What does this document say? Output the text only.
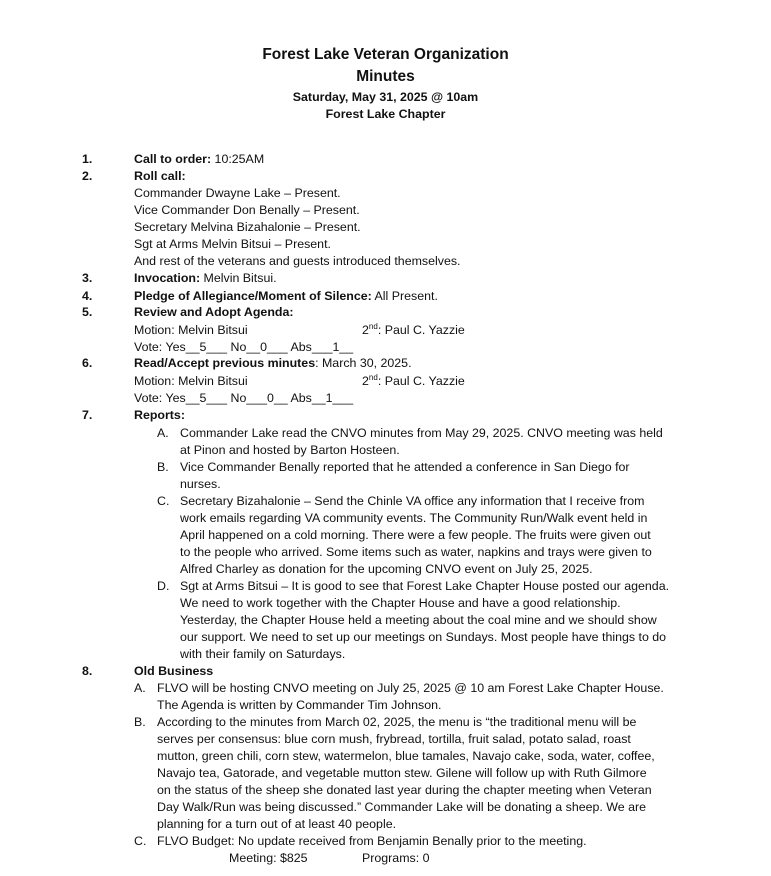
Forest Lake Veteran Organization
Minutes
Saturday, May 31, 2025 @ 10am
Forest Lake Chapter
1.	Call to order: 10:25AM
2.	Roll call:
Commander Dwayne Lake – Present.
Vice Commander Don Benally – Present.
Secretary Melvina Bizahalonie – Present.
Sgt at Arms Melvin Bitsui – Present.
And rest of the veterans and guests introduced themselves.
3.	Invocation: Melvin Bitsui.
4.	Pledge of Allegiance/Moment of Silence: All Present.
5.	Review and Adopt Agenda:
Motion: Melvin Bitsui	2nd: Paul C. Yazzie
Vote: Yes__5___ No__0___ Abs___1__
6.	Read/Accept previous minutes: March 30, 2025.
Motion: Melvin Bitsui	2nd: Paul C. Yazzie
Vote: Yes__5___ No___0__ Abs__1___
7.	Reports:
A. Commander Lake read the CNVO minutes from May 29, 2025. CNVO meeting was held
at Pinon and hosted by Barton Hosteen.
B. Vice Commander Benally reported that he attended a conference in San Diego for
nurses.
C. Secretary Bizahalonie – Send the Chinle VA office any information that I receive from
work emails regarding VA community events. The Community Run/Walk event held in
April happened on a cold morning. There were a few people. The fruits were given out
to the people who arrived. Some items such as water, napkins and trays were given to
Alfred Charley as donation for the upcoming CNVO event on July 25, 2025.
D. Sgt at Arms Bitsui – It is good to see that Forest Lake Chapter House posted our agenda.
We need to work together with the Chapter House and have a good relationship.
Yesterday, the Chapter House held a meeting about the coal mine and we should show
our support. We need to set up our meetings on Sundays. Most people have things to do
with their family on Saturdays.
8.	Old Business
A. FLVO will be hosting CNVO meeting on July 25, 2025 @ 10 am Forest Lake Chapter House.
The Agenda is written by Commander Tim Johnson.
B. According to the minutes from March 02, 2025, the menu is “the traditional menu will be
serves per consensus: blue corn mush, frybread, tortilla, fruit salad, potato salad, roast
mutton, green chili, corn stew, watermelon, blue tamales, Navajo cake, soda, water, coffee,
Navajo tea, Gatorade, and vegetable mutton stew. Gilene will follow up with Ruth Gilmore
on the status of the sheep she donated last year during the chapter meeting when Veteran
Day Walk/Run was being discussed.” Commander Lake will be donating a sheep. We are
planning for a turn out of at least 40 people.
C. FLVO Budget: No update received from Benjamin Benally prior to the meeting.
Meeting: $825	Programs: 0
